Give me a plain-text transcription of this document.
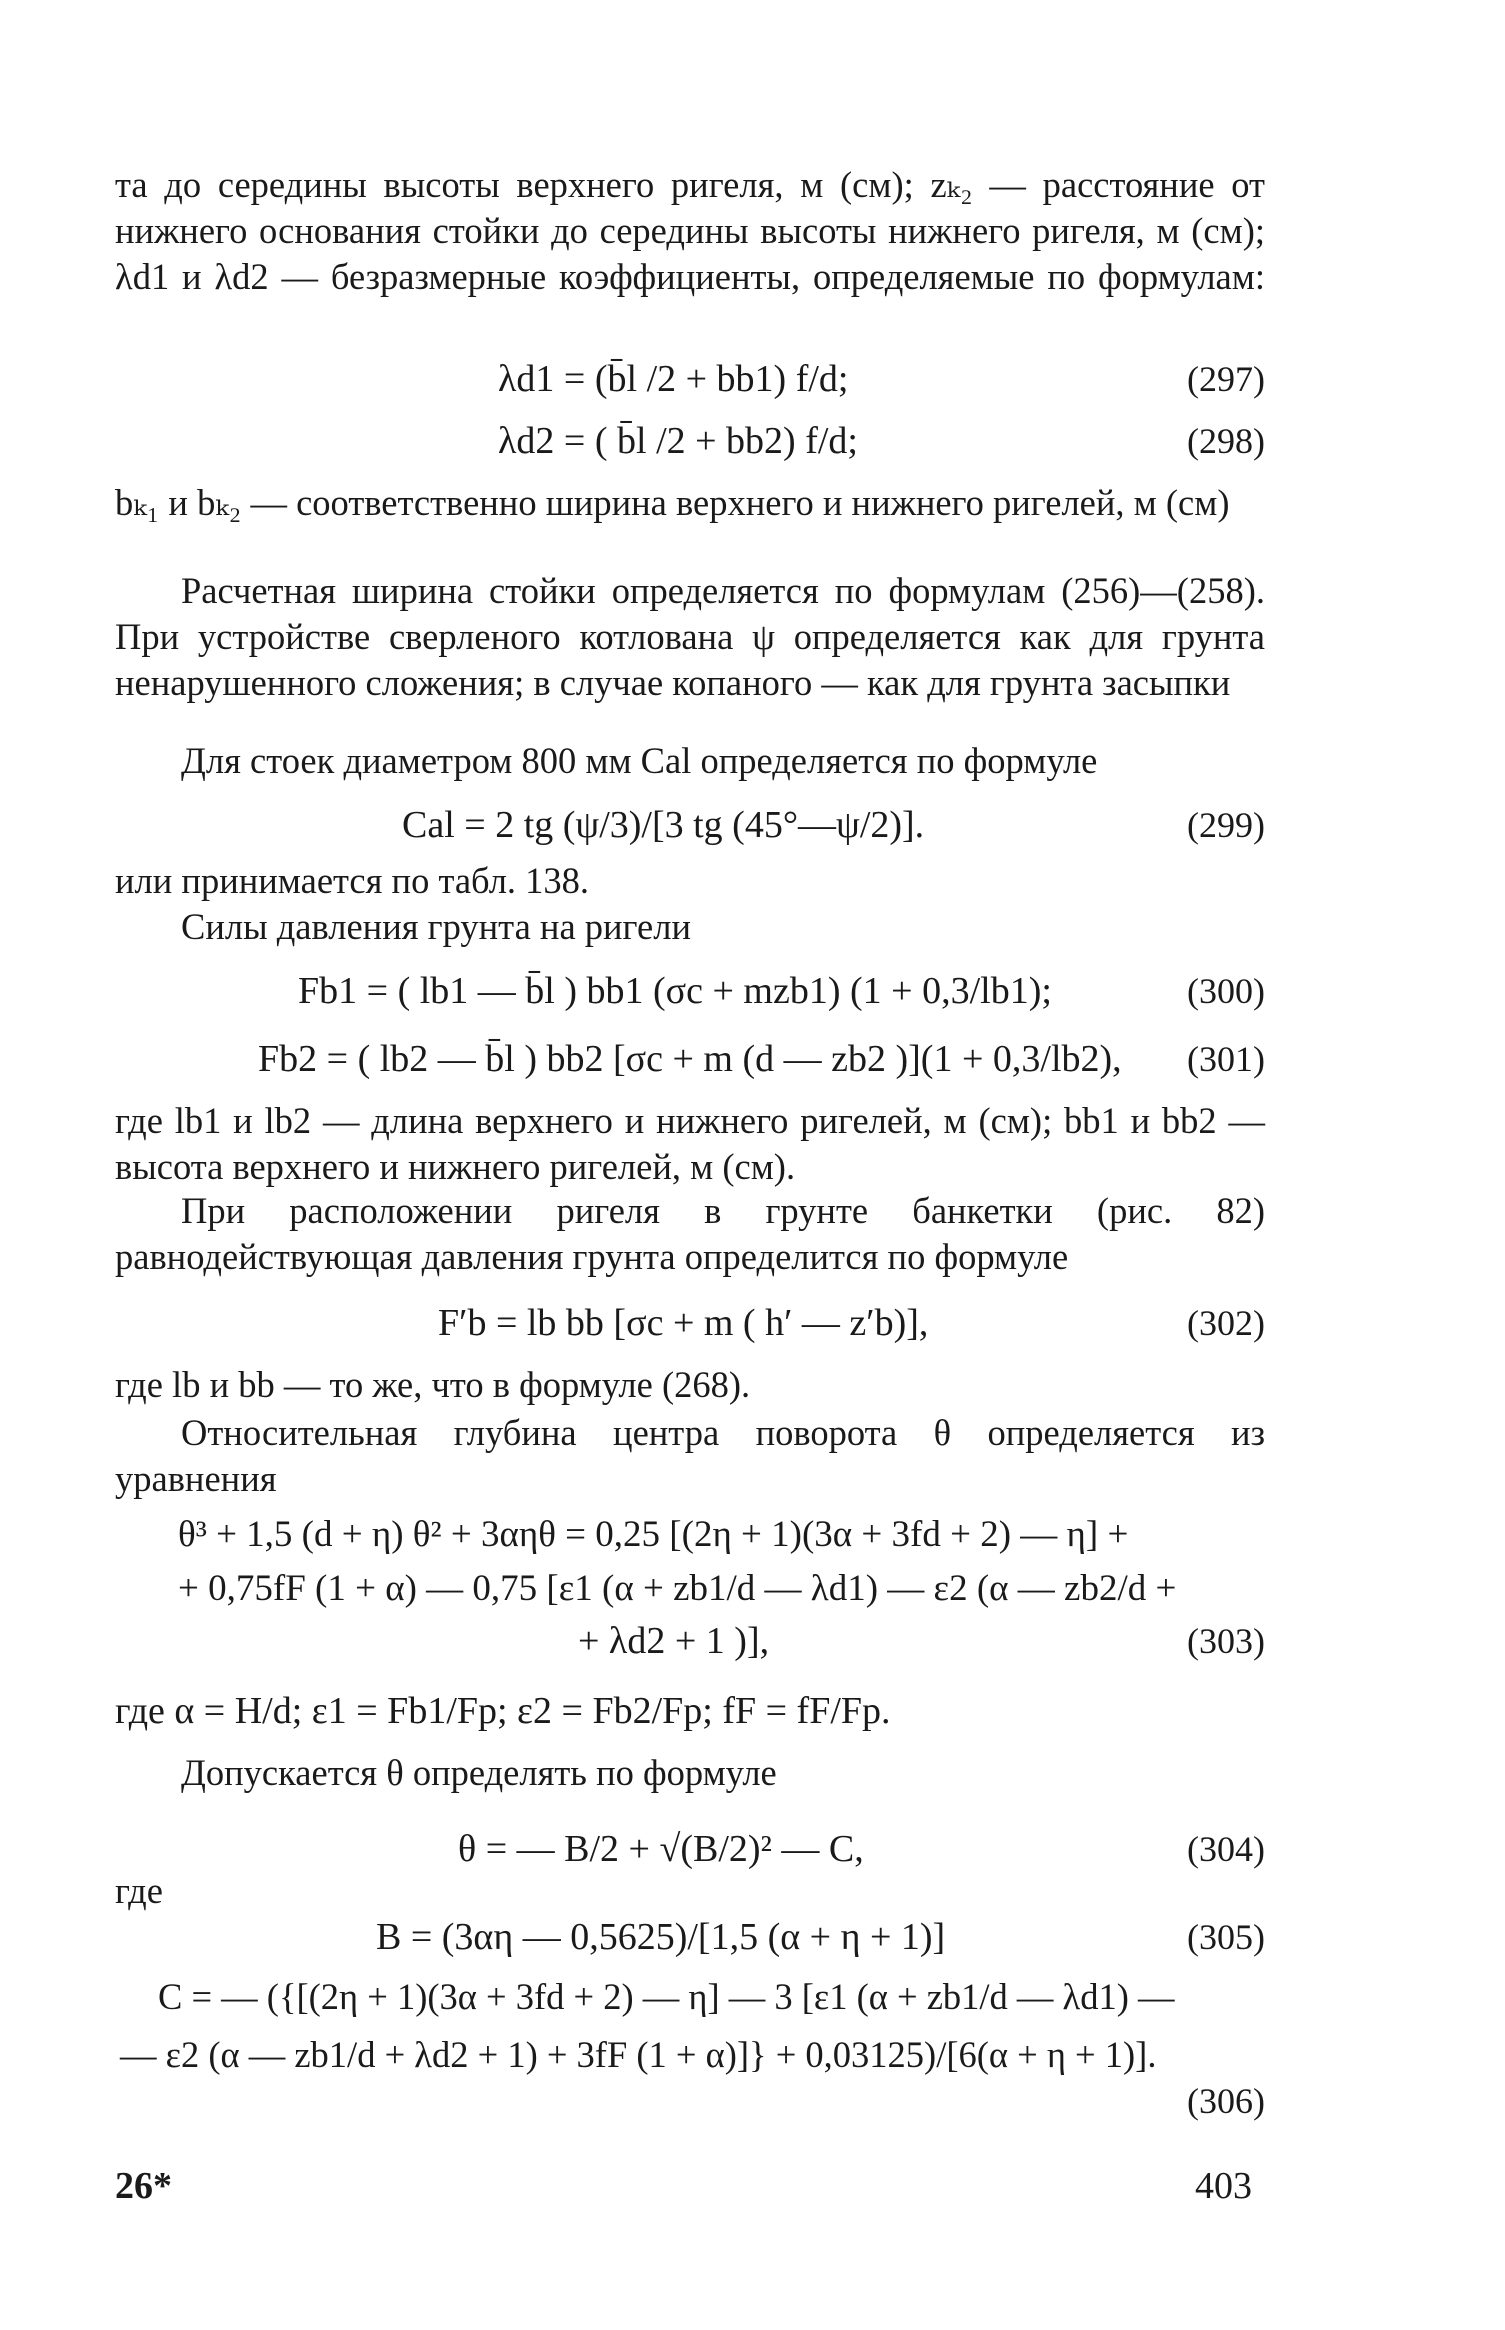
та до середины высоты верхнего ригеля, м (см); zₖ₂ — расстояние от нижнего основания стойки до середины высоты нижнего ригеля, м (см); λd1 и λd2 — безразмерные коэффициенты, определяемые по формулам:
λd1 = (b̄l /2 + bb1) f/d;	(297)
λd2 = ( b̄l /2 + bb2) f/d;	(298)
bₖ₁ и bₖ₂ — соответственно ширина верхнего и нижнего ригелей, м (см)
Расчетная ширина стойки определяется по формулам (256)—(258). При устройстве сверленого котлована ψ определяется как для грунта ненарушенного сложения; в случае копаного — как для грунта засыпки
Для стоек диаметром 800 мм Cal определяется по формуле
Cal = 2 tg (ψ/3)/[3 tg (45°—ψ/2)].	(299)
или принимается по табл. 138.
Силы давления грунта на ригели
Fb1 = ( lb1 — b̄l ) bb1 (σc + mzb1) (1 + 0,3/lb1);	(300)
Fb2 = ( lb2 — b̄l ) bb2 [σc + m (d — zb2 )](1 + 0,3/lb2), (301)
где lb1 и lb2 — длина верхнего и нижнего ригелей, м (см); bb1 и bb2 — высота верхнего и нижнего ригелей, м (см).
При расположении ригеля в грунте банкетки (рис. 82) равнодействующая давления грунта определится по формуле
F′b = lb bb [σc + m ( h′ — z′b)],	(302)
где lb и bb — то же, что в формуле (268).
Относительная глубина центра поворота θ определяется из уравнения
θ³ + 1,5 (d + η) θ² + 3αηθ = 0,25 [(2η + 1)(3α + 3fd + 2) — η] +
+ 0,75fF (1 + α) — 0,75 [ε1 (α + zb1/d — λd1) — ε2 (α — zb2/d +
+ λd2 + 1 )],	(303)
где α = H/d; ε1 = Fb1/Fp; ε2 = Fb2/Fp; fF = fF/Fp.
Допускается θ определять по формуле
θ = — B/2 + √(B/2)² — C,	(304)
где
B = (3αη — 0,5625)/[1,5 (α + η + 1)]	(305)
C = — ({[(2η + 1)(3α + 3fd + 2) — η] — 3 [ε1 (α + zb1/d — λd1) —
— ε2 (α — zb1/d + λd2 + 1) + 3fF (1 + α)]} + 0,03125)/[6(α + η + 1)].
(306)
26*	403
